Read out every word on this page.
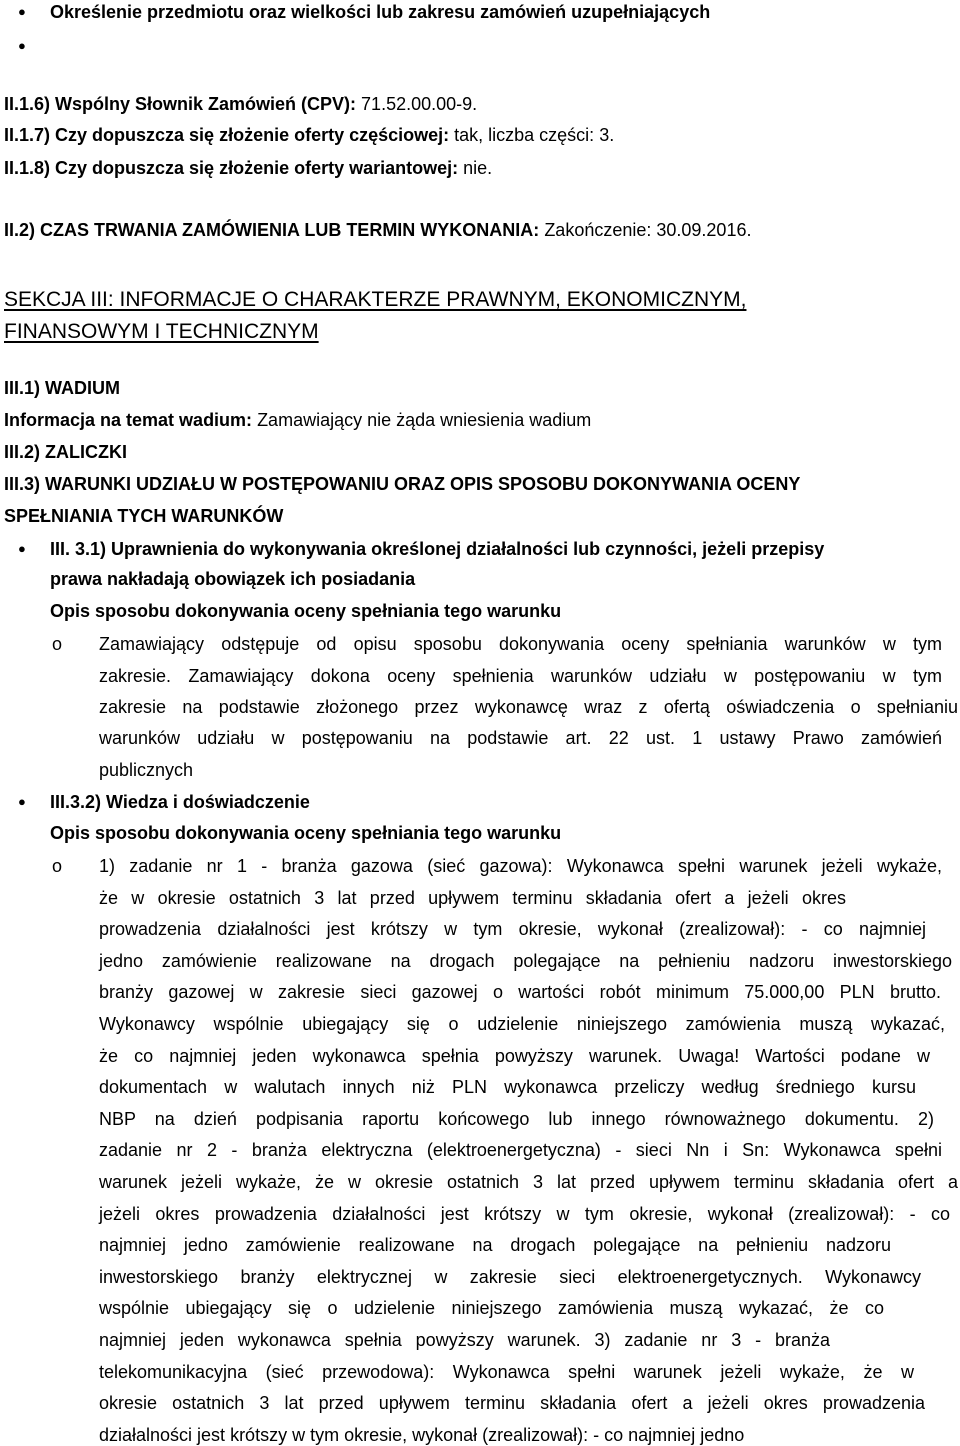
● Określenie przedmiotu oraz wielkości lub zakresu zamówień uzupełniających
●
II.1.6) Wspólny Słownik Zamówień (CPV): 71.52.00.00-9.
II.1.7) Czy dopuszcza się złożenie oferty częściowej: tak, liczba części: 3.
II.1.8) Czy dopuszcza się złożenie oferty wariantowej: nie.
II.2) CZAS TRWANIA ZAMÓWIENIA LUB TERMIN WYKONANIA: Zakończenie: 30.09.2016.
SEKCJA III: INFORMACJE O CHARAKTERZE PRAWNYM, EKONOMICZNYM,
FINANSOWYM I TECHNICZNYM
III.1) WADIUM
Informacja na temat wadium: Zamawiający nie żąda wniesienia wadium
III.2) ZALICZKI
III.3) WARUNKI UDZIAŁU W POSTĘPOWANIU ORAZ OPIS SPOSOBU DOKONYWANIA OCENY
SPEŁNIANIA TYCH WARUNKÓW
● III. 3.1) Uprawnienia do wykonywania określonej działalności lub czynności, jeżeli przepisy
prawa nakładają obowiązek ich posiadania
Opis sposobu dokonywania oceny spełniania tego warunku
o Zamawiający odstępuje od opisu sposobu dokonywania oceny spełniania warunków w tym
zakresie. Zamawiający dokona oceny spełnienia warunków udziału w postępowaniu w tym
zakresie na podstawie złożonego przez wykonawcę wraz z ofertą oświadczenia o spełnianiu
warunków udziału w postępowaniu na podstawie art. 22 ust. 1 ustawy Prawo zamówień
publicznych
● III.3.2) Wiedza i doświadczenie
Opis sposobu dokonywania oceny spełniania tego warunku
o 1) zadanie nr 1 - branża gazowa (sieć gazowa): Wykonawca spełni warunek jeżeli wykaże,
że w okresie ostatnich 3 lat przed upływem terminu składania ofert a jeżeli okres
prowadzenia działalności jest krótszy w tym okresie, wykonał (zrealizował): - co najmniej
jedno zamówienie realizowane na drogach polegające na pełnieniu nadzoru inwestorskiego
branży gazowej w zakresie sieci gazowej o wartości robót minimum 75.000,00 PLN brutto.
Wykonawcy wspólnie ubiegający się o udzielenie niniejszego zamówienia muszą wykazać,
że co najmniej jeden wykonawca spełnia powyższy warunek. Uwaga! Wartości podane w
dokumentach w walutach innych niż PLN wykonawca przeliczy według średniego kursu
NBP na dzień podpisania raportu końcowego lub innego równoważnego dokumentu. 2)
zadanie nr 2 - branża elektryczna (elektroenergetyczna) - sieci Nn i Sn: Wykonawca spełni
warunek jeżeli wykaże, że w okresie ostatnich 3 lat przed upływem terminu składania ofert a
jeżeli okres prowadzenia działalności jest krótszy w tym okresie, wykonał (zrealizował): - co
najmniej jedno zamówienie realizowane na drogach polegające na pełnieniu nadzoru
inwestorskiego branży elektrycznej w zakresie sieci elektroenergetycznych. Wykonawcy
wspólnie ubiegający się o udzielenie niniejszego zamówienia muszą wykazać, że co
najmniej jeden wykonawca spełnia powyższy warunek. 3) zadanie nr 3 - branża
telekomunikacyjna (sieć przewodowa): Wykonawca spełni warunek jeżeli wykaże, że w
okresie ostatnich 3 lat przed upływem terminu składania ofert a jeżeli okres prowadzenia
działalności jest krótszy w tym okresie, wykonał (zrealizował): - co najmniej jedno
